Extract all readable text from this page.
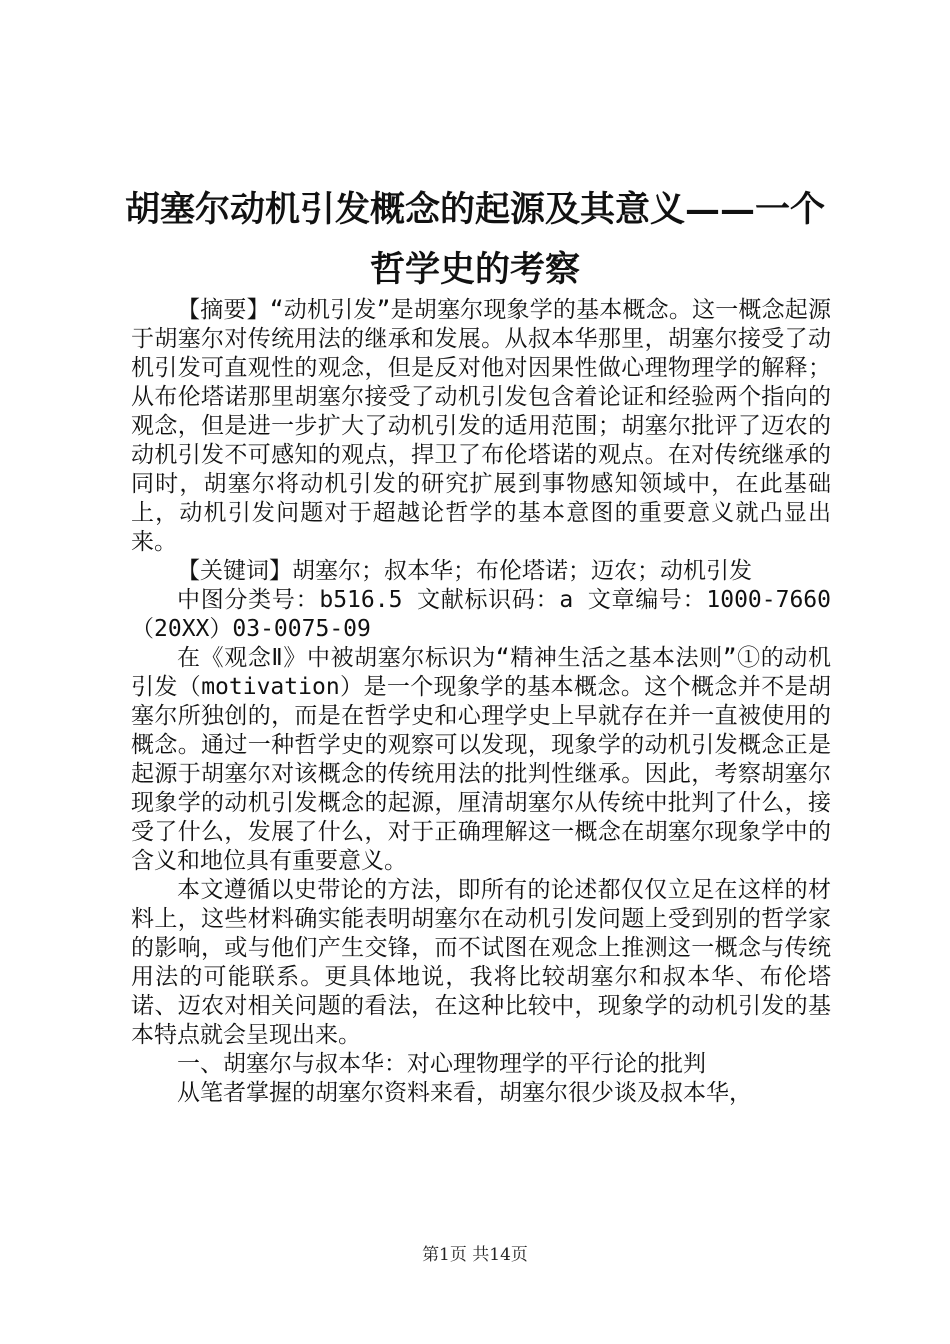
胡塞尔动机引发概念的起源及其意义——一个
哲学史的考察

【摘要】“动机引发”是胡塞尔现象学的基本概念。这一概念起源于胡塞尔对传统用法的继承和发展。从叔本华那里，胡塞尔接受了动机引发可直观性的观念，但是反对他对因果性做心理物理学的解释；从布伦塔诺那里胡塞尔接受了动机引发包含着论证和经验两个指向的观念，但是进一步扩大了动机引发的适用范围；胡塞尔批评了迈农的动机引发不可感知的观点，捍卫了布伦塔诺的观点。在对传统继承的同时，胡塞尔将动机引发的研究扩展到事物感知领域中，在此基础上，动机引发问题对于超越论哲学的基本意图的重要意义就凸显出来。

【关键词】胡塞尔；叔本华；布伦塔诺；迈农；动机引发

中图分类号：b516.5 文献标识码：a 文章编号：1000-7660（20XX）03-0075-09

在《观念Ⅱ》中被胡塞尔标识为“精神生活之基本法则”①的动机引发（motivation）是一个现象学的基本概念。这个概念并不是胡塞尔所独创的，而是在哲学史和心理学史上早就存在并一直被使用的概念。通过一种哲学史的观察可以发现，现象学的动机引发概念正是起源于胡塞尔对该概念的传统用法的批判性继承。因此，考察胡塞尔现象学的动机引发概念的起源，厘清胡塞尔从传统中批判了什么，接受了什么，发展了什么，对于正确理解这一概念在胡塞尔现象学中的含义和地位具有重要意义。

本文遵循以史带论的方法，即所有的论述都仅仅立足在这样的材料上，这些材料确实能表明胡塞尔在动机引发问题上受到别的哲学家的影响，或与他们产生交锋，而不试图在观念上推测这一概念与传统用法的可能联系。更具体地说，我将比较胡塞尔和叔本华、布伦塔诺、迈农对相关问题的看法，在这种比较中，现象学的动机引发的基本特点就会呈现出来。

一、胡塞尔与叔本华：对心理物理学的平行论的批判

从笔者掌握的胡塞尔资料来看，胡塞尔很少谈及叔本华，

第1页 共14页
